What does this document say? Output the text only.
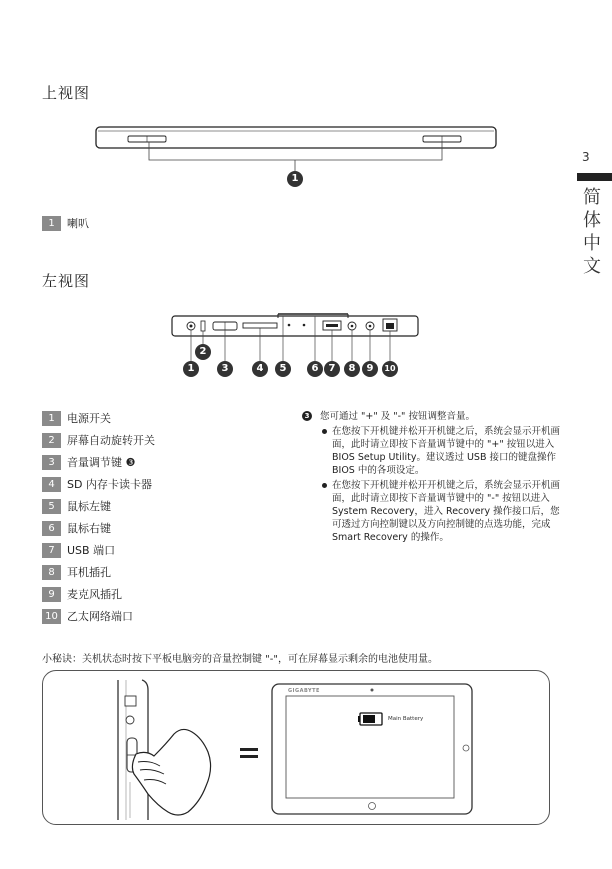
3
简体中文
上视图
1
1 喇叭
左视图
1
2
3	4	5	6	7	8	9	10
1 电源开关
2 屏幕自动旋转开关
3 音量调节键 ❸
4 SD 内存卡读卡器
5 鼠标左键
6 鼠标右键
7 USB 端口
8 耳机插孔
9 麦克风插孔
10 乙太网络端口
3 您可通过 "+" 及 "-" 按钮调整音量。
在您按下开机键并松开开机键之后，系统会显示开机画面，此时请立即按下音量调节键中的 "+" 按钮以进入 BIOS Setup Utility。建议透过 USB 接口的键盘操作 BIOS 中的各项设定。
在您按下开机键并松开开机键之后，系统会显示开机画面，此时请立即按下音量调节键中的 "-" 按钮以进入 System Recovery，进入 Recovery 操作接口后，您可透过方向控制键以及方向控制键的点选功能，完成 Smart Recovery 的操作。
小秘诀：关机状态时按下平板电脑旁的音量控制键 "-"，可在屏幕显示剩余的电池使用量。
GIGABYTE
Main Battery
